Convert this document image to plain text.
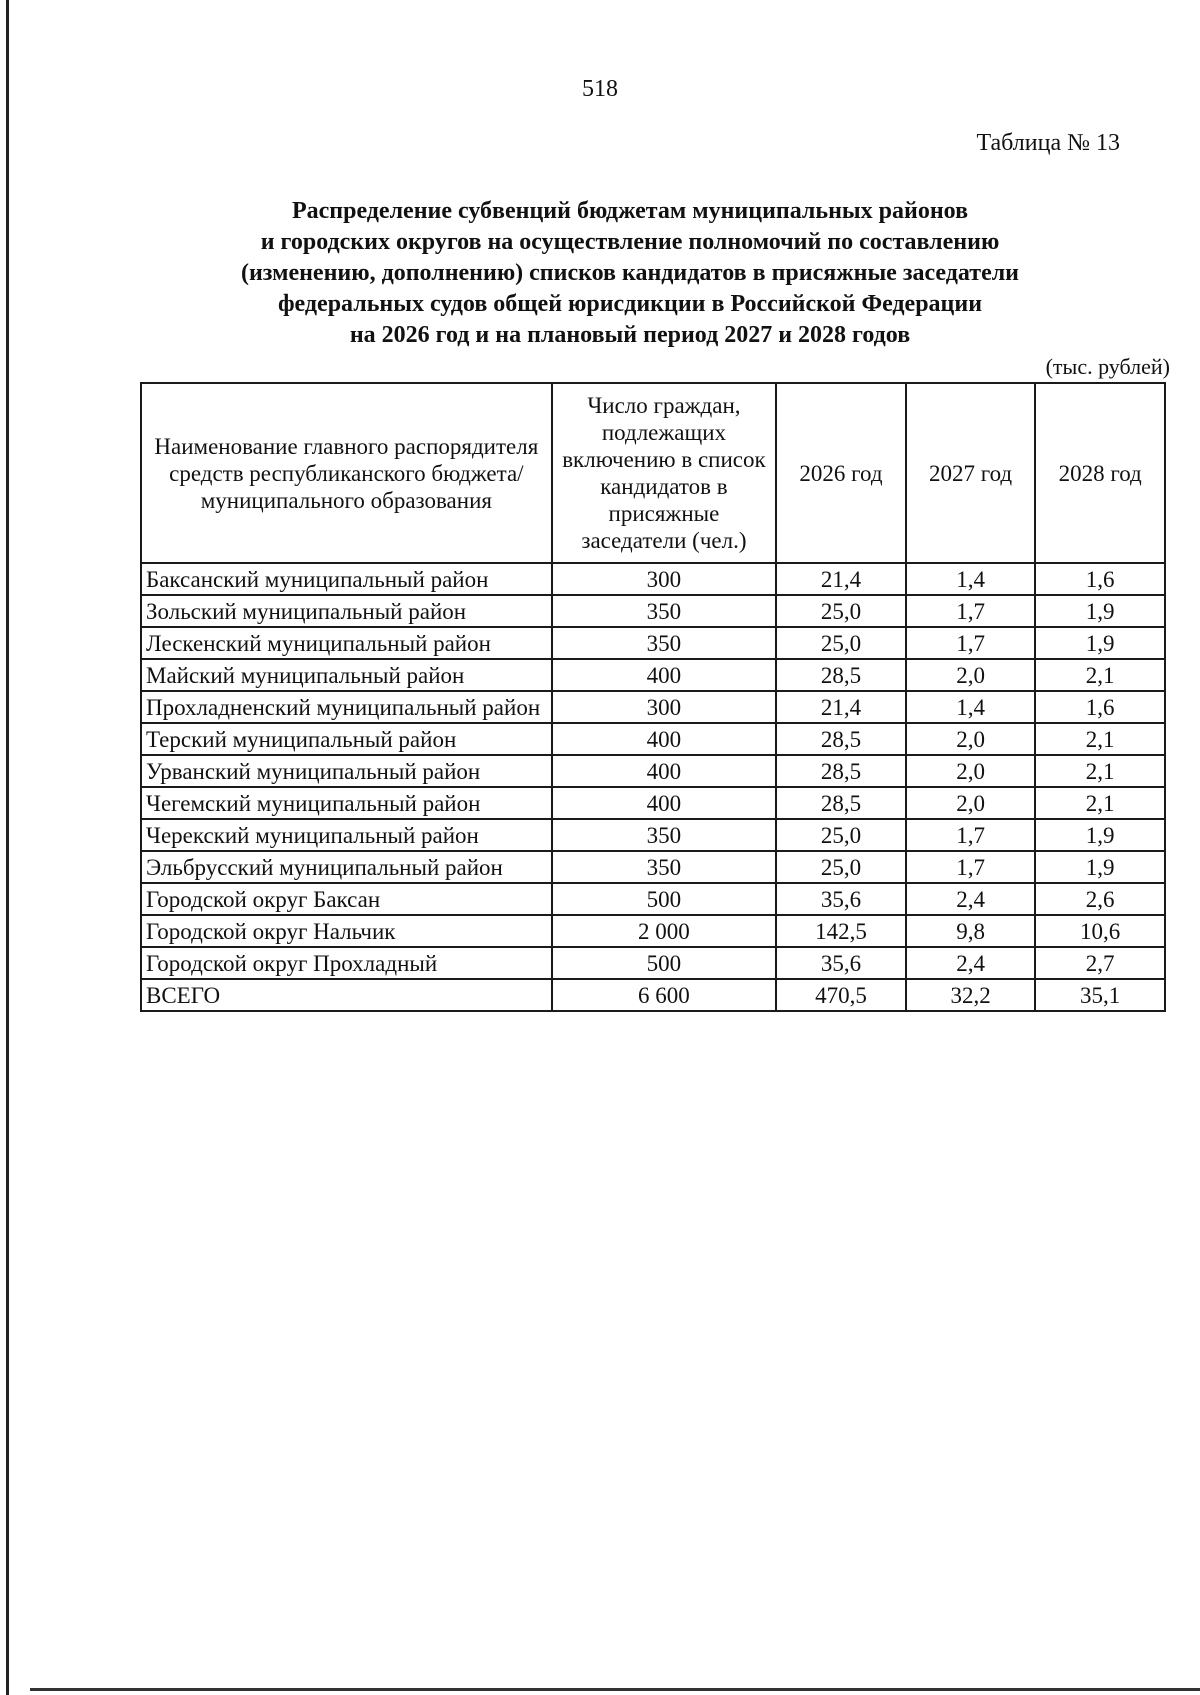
518
Таблица № 13
Распределение субвенций бюджетам муниципальных районов
и городских округов на осуществление полномочий по составлению
(изменению, дополнению) списков кандидатов в присяжные заседатели
федеральных судов общей юрисдикции в Российской Федерации
на 2026 год и на плановый период 2027 и 2028 годов
(тыс. рублей)
Наименование главного распорядителя средств республиканского бюджета/ муниципального образования	Число граждан, подлежащих включению в список кандидатов в присяжные заседатели (чел.)	2026 год	2027 год	2028 год
Баксанский муниципальный район	300	21,4	1,4	1,6
Зольский муниципальный район	350	25,0	1,7	1,9
Лескенский муниципальный район	350	25,0	1,7	1,9
Майский муниципальный район	400	28,5	2,0	2,1
Прохладненский муниципальный район	300	21,4	1,4	1,6
Терский муниципальный район	400	28,5	2,0	2,1
Урванский муниципальный район	400	28,5	2,0	2,1
Чегемский муниципальный район	400	28,5	2,0	2,1
Черекский муниципальный район	350	25,0	1,7	1,9
Эльбрусский муниципальный район	350	25,0	1,7	1,9
Городской округ Баксан	500	35,6	2,4	2,6
Городской округ Нальчик	2 000	142,5	9,8	10,6
Городской округ Прохладный	500	35,6	2,4	2,7
ВСЕГО	6 600	470,5	32,2	35,1
